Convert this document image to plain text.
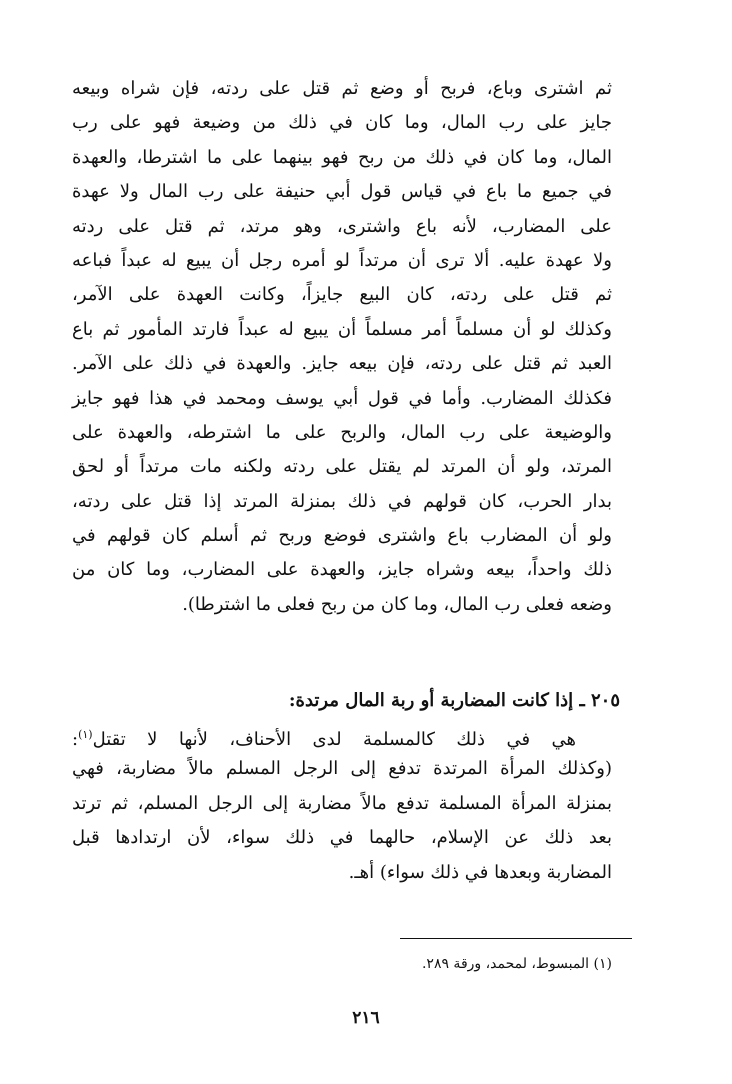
ثم اشترى وباع، فربح أو وضع ثم قتل على ردته، فإن شراه وبيعه
جايز على رب المال، وما كان في ذلك من وضيعة فهو على رب
المال، وما كان في ذلك من ربح فهو بينهما على ما اشترطا، والعهدة
في جميع ما باع في قياس قول أبي حنيفة على رب المال ولا عهدة
على المضارب، لأنه باع واشترى، وهو مرتد، ثم قتل على ردته
ولا عهدة عليه. ألا ترى أن مرتداً لو أمره رجل أن يبيع له عبداً فباعه
ثم قتل على ردته، كان البيع جايزاً، وكانت العهدة على الآمر،
وكذلك لو أن مسلماً أمر مسلماً أن يبيع له عبداً فارتد المأمور ثم باع
العبد ثم قتل على ردته، فإن بيعه جايز. والعهدة في ذلك على الآمر.
فكذلك المضارب. وأما في قول أبي يوسف ومحمد في هذا فهو جايز
والوضيعة على رب المال، والربح على ما اشترطه، والعهدة على
المرتد، ولو أن المرتد لم يقتل على ردته ولكنه مات مرتداً أو لحق
بدار الحرب، كان قولهم في ذلك بمنزلة المرتد إذا قتل على ردته،
ولو أن المضارب باع واشترى فوضع وربح ثم أسلم كان قولهم في
ذلك واحداً، بيعه وشراه جايز، والعهدة على المضارب، وما كان من
وضعه فعلى رب المال، وما كان من ربح فعلى ما اشترطا).
٢٠٥ ـ إذا كانت المضاربة أو ربة المال مرتدة:
هي في ذلك كالمسلمة لدى الأحناف، لأنها لا تقتل$^{(١)}$:
(وكذلك المرأة المرتدة تدفع إلى الرجل المسلم مالاً مضاربة، فهي
بمنزلة المرأة المسلمة تدفع مالاً مضاربة إلى الرجل المسلم، ثم ترتد
بعد ذلك عن الإسلام، حالهما في ذلك سواء، لأن ارتدادها قبل
المضاربة وبعدها في ذلك سواء) أهـ.
(١) المبسوط، لمحمد، ورقة ٢٨٩.
٢١٦
